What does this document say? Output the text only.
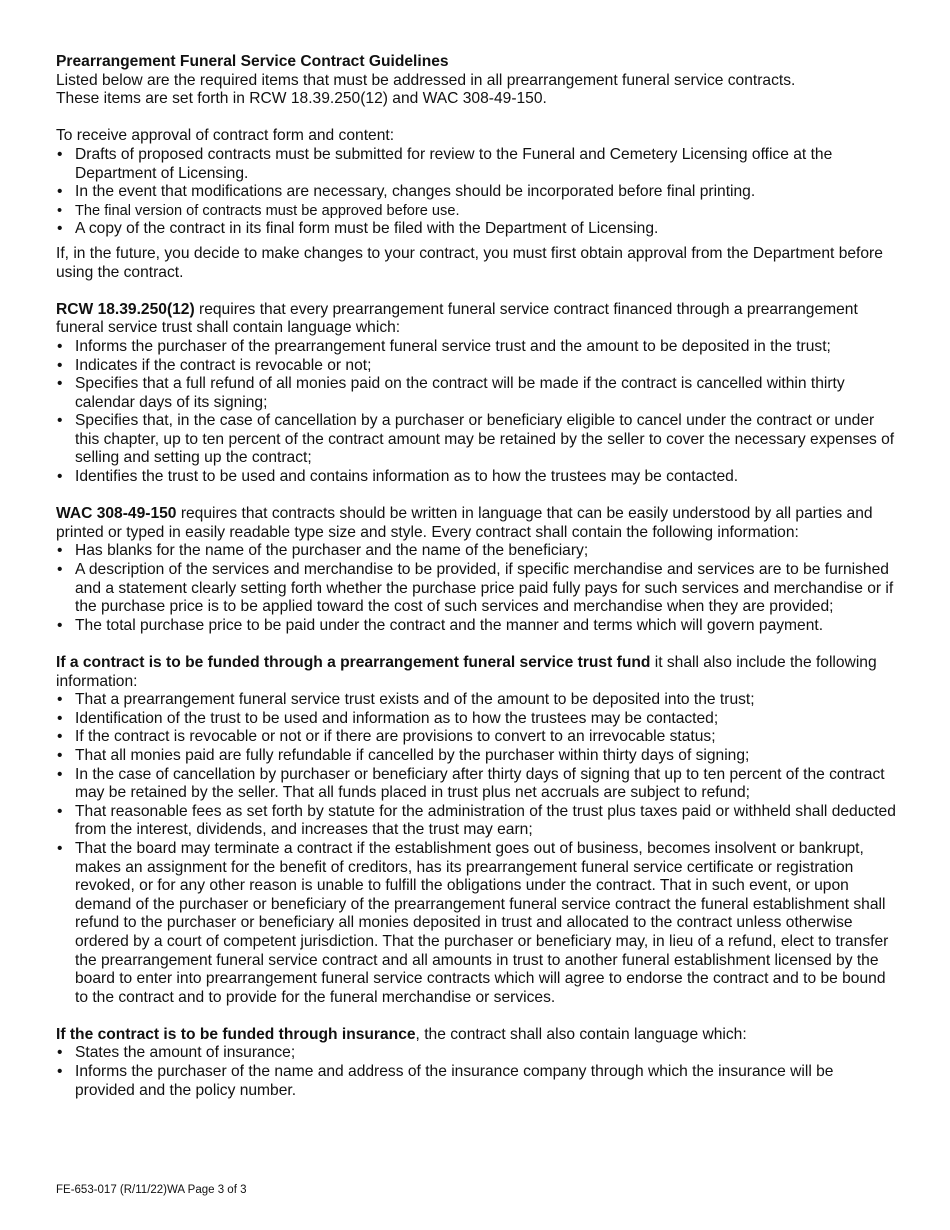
Prearrangement Funeral Service Contract Guidelines

Listed below are the required items that must be addressed in all prearrangement funeral service contracts.

These items are set forth in RCW 18.39.250(12) and WAC 308-49-150.

To receive approval of contract form and content:

• Drafts of proposed contracts must be submitted for review to the Funeral and Cemetery Licensing office at the Department of Licensing.
• In the event that modifications are necessary, changes should be incorporated before final printing.
• The final version of contracts must be approved before use.
• A copy of the contract in its final form must be filed with the Department of Licensing.

If, in the future, you decide to make changes to your contract, you must first obtain approval from the Department before using the contract.

RCW 18.39.250(12) requires that every prearrangement funeral service contract financed through a prearrangement funeral service trust shall contain language which:

• Informs the purchaser of the prearrangement funeral service trust and the amount to be deposited in the trust;
• Indicates if the contract is revocable or not;
• Specifies that a full refund of all monies paid on the contract will be made if the contract is cancelled within thirty calendar days of its signing;
• Specifies that, in the case of cancellation by a purchaser or beneficiary eligible to cancel under the contract or under this chapter, up to ten percent of the contract amount may be retained by the seller to cover the necessary expenses of selling and setting up the contract;
• Identifies the trust to be used and contains information as to how the trustees may be contacted.

WAC 308-49-150 requires that contracts should be written in language that can be easily understood by all parties and printed or typed in easily readable type size and style. Every contract shall contain the following information:

• Has blanks for the name of the purchaser and the name of the beneficiary;
• A description of the services and merchandise to be provided, if specific merchandise and services are to be furnished and a statement clearly setting forth whether the purchase price paid fully pays for such services and merchandise or if the purchase price is to be applied toward the cost of such services and merchandise when they are provided;
• The total purchase price to be paid under the contract and the manner and terms which will govern payment.

If a contract is to be funded through a prearrangement funeral service trust fund it shall also include the following information:

• That a prearrangement funeral service trust exists and of the amount to be deposited into the trust;
• Identification of the trust to be used and information as to how the trustees may be contacted;
• If the contract is revocable or not or if there are provisions to convert to an irrevocable status;
• That all monies paid are fully refundable if cancelled by the purchaser within thirty days of signing;
• In the case of cancellation by purchaser or beneficiary after thirty days of signing that up to ten percent of the contract may be retained by the seller. That all funds placed in trust plus net accruals are subject to refund;
• That reasonable fees as set forth by statute for the administration of the trust plus taxes paid or withheld shall deducted from the interest, dividends, and increases that the trust may earn;
• That the board may terminate a contract if the establishment goes out of business, becomes insolvent or bankrupt, makes an assignment for the benefit of creditors, has its prearrangement funeral service certificate or registration revoked, or for any other reason is unable to fulfill the obligations under the contract. That in such event, or upon demand of the purchaser or beneficiary of the prearrangement funeral service contract the funeral establishment shall refund to the purchaser or beneficiary all monies deposited in trust and allocated to the contract unless otherwise ordered by a court of competent jurisdiction. That the purchaser or beneficiary may, in lieu of a refund, elect to transfer the prearrangement funeral service contract and all amounts in trust to another funeral establishment licensed by the board to enter into prearrangement funeral service contracts which will agree to endorse the contract and to be bound to the contract and to provide for the funeral merchandise or services.

If the contract is to be funded through insurance, the contract shall also contain language which:

• States the amount of insurance;
• Informs the purchaser of the name and address of the insurance company through which the insurance will be provided and the policy number.
FE-653-017 (R/11/22)WA Page 3 of 3
